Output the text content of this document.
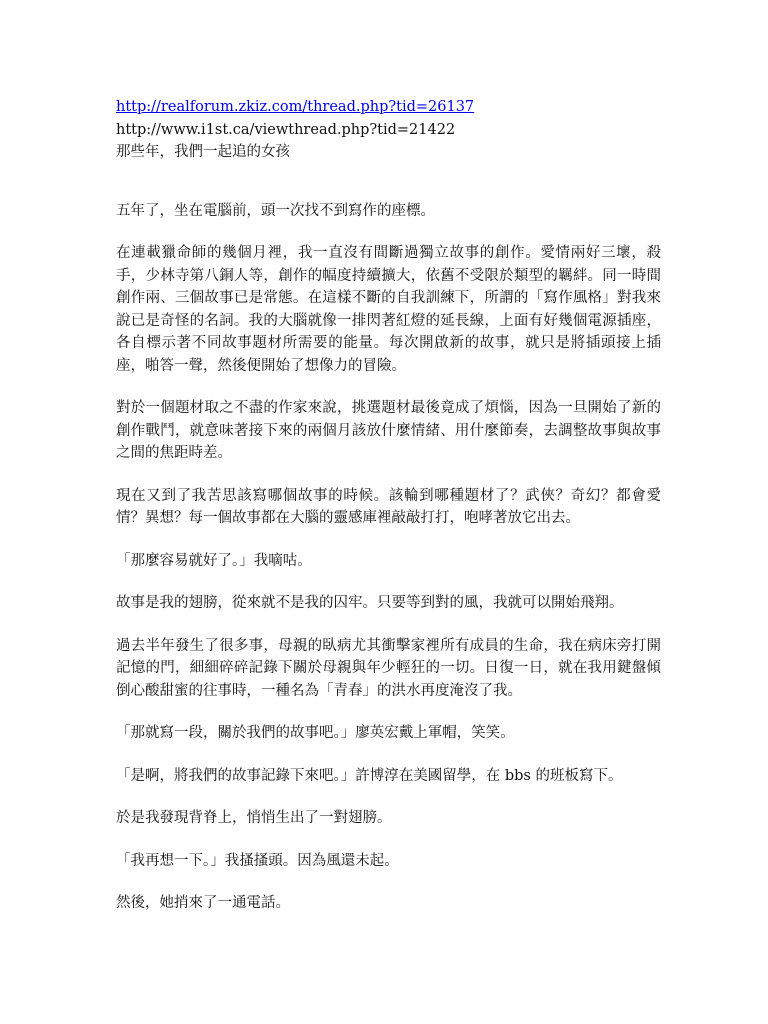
http://realforum.zkiz.com/thread.php?tid=26137

http://www.i1st.ca/viewthread.php?tid=21422

那些年，我們一起追的女孩

五年了，坐在電腦前，頭一次找不到寫作的座標。

在連載獵命師的幾個月裡，我一直沒有間斷過獨立故事的創作。愛情兩好三壞，殺手，少林寺第八銅人等，創作的幅度持續擴大，依舊不受限於類型的羈絆。同一時間創作兩、三個故事已是常態。在這樣不斷的自我訓練下，所謂的「寫作風格」對我來說已是奇怪的名詞。我的大腦就像一排閃著紅燈的延長線，上面有好幾個電源插座，各自標示著不同故事題材所需要的能量。每次開啟新的故事，就只是將插頭接上插座，啪答一聲，然後便開始了想像力的冒險。

對於一個題材取之不盡的作家來說，挑選題材最後竟成了煩惱，因為一旦開始了新的創作戰鬥，就意味著接下來的兩個月該放什麼情緒、用什麼節奏，去調整故事與故事之間的焦距時差。

現在又到了我苦思該寫哪個故事的時候。該輪到哪種題材了？武俠？奇幻？都會愛情？異想？每一個故事都在大腦的靈感庫裡敲敲打打，咆哮著放它出去。

「那麼容易就好了。」我嘀咕。

故事是我的翅膀，從來就不是我的囚牢。只要等到對的風，我就可以開始飛翔。

過去半年發生了很多事，母親的臥病尤其衝擊家裡所有成員的生命，我在病床旁打開記憶的門，細細碎碎記錄下關於母親與年少輕狂的一切。日復一日，就在我用鍵盤傾倒心酸甜蜜的往事時，一種名為「青春」的洪水再度淹沒了我。

「那就寫一段，關於我們的故事吧。」廖英宏戴上軍帽，笑笑。

「是啊，將我們的故事記錄下來吧。」許博淳在美國留學，在 bbs 的班板寫下。

於是我發現背脊上，悄悄生出了一對翅膀。

「我再想一下。」我搔搔頭。因為風還未起。

然後，她捎來了一通電話。
